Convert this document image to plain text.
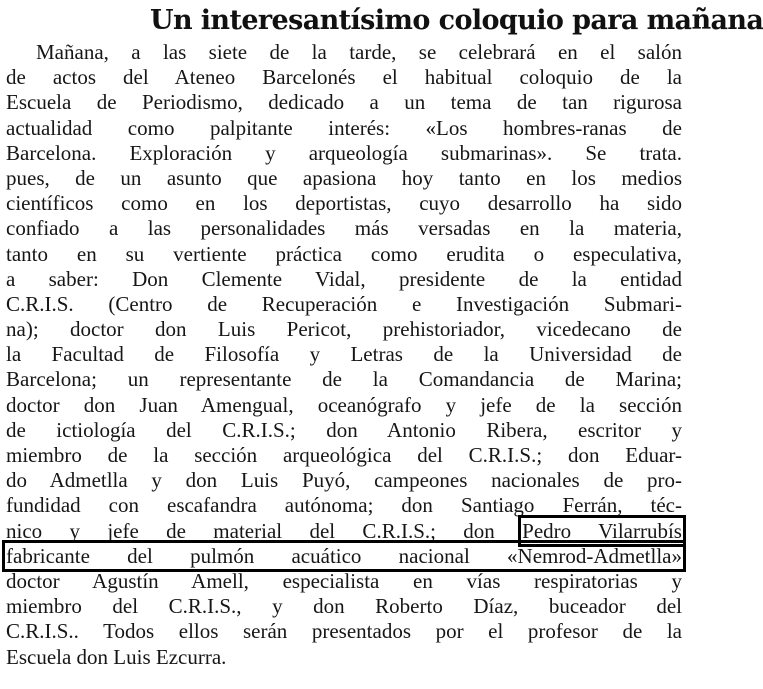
Un interesantísimo coloquio para mañana
Mañana, a las siete de la tarde, se celebrará en el salón
de actos del Ateneo Barcelonés el habitual coloquio de la
Escuela de Periodismo, dedicado a un tema de tan rigurosa
actualidad como palpitante interés: «Los hombres-ranas de
Barcelona. Exploración y arqueología submarinas». Se trata.
pues, de un asunto que apasiona hoy tanto en los medios
científicos como en los deportistas, cuyo desarrollo ha sido
confiado a las personalidades más versadas en la materia,
tanto en su vertiente práctica como erudita o especulativa,
a saber: Don Clemente Vidal, presidente de la entidad
C.R.I.S. (Centro de Recuperación e Investigación Submari-
na); doctor don Luis Pericot, prehistoriador, vicedecano de
la Facultad de Filosofía y Letras de la Universidad de
Barcelona; un representante de la Comandancia de Marina;
doctor don Juan Amengual, oceanógrafo y jefe de la sección
de ictiología del C.R.I.S.; don Antonio Ribera, escritor y
miembro de la sección arqueológica del C.R.I.S.; don Eduar-
do Admetlla y don Luis Puyó, campeones nacionales de pro-
fundidad con escafandra autónoma; don Santiago Ferrán, téc-
nico y jefe de material del C.R.I.S.; don Pedro Vilarrubís
fabricante del pulmón acuático nacional «Nemrod-Admetlla»
doctor Agustín Amell, especialista en vías respiratorias y
miembro del C.R.I.S., y don Roberto Díaz, buceador del
C.R.I.S.. Todos ellos serán presentados por el profesor de la
Escuela don Luis Ezcurra.
